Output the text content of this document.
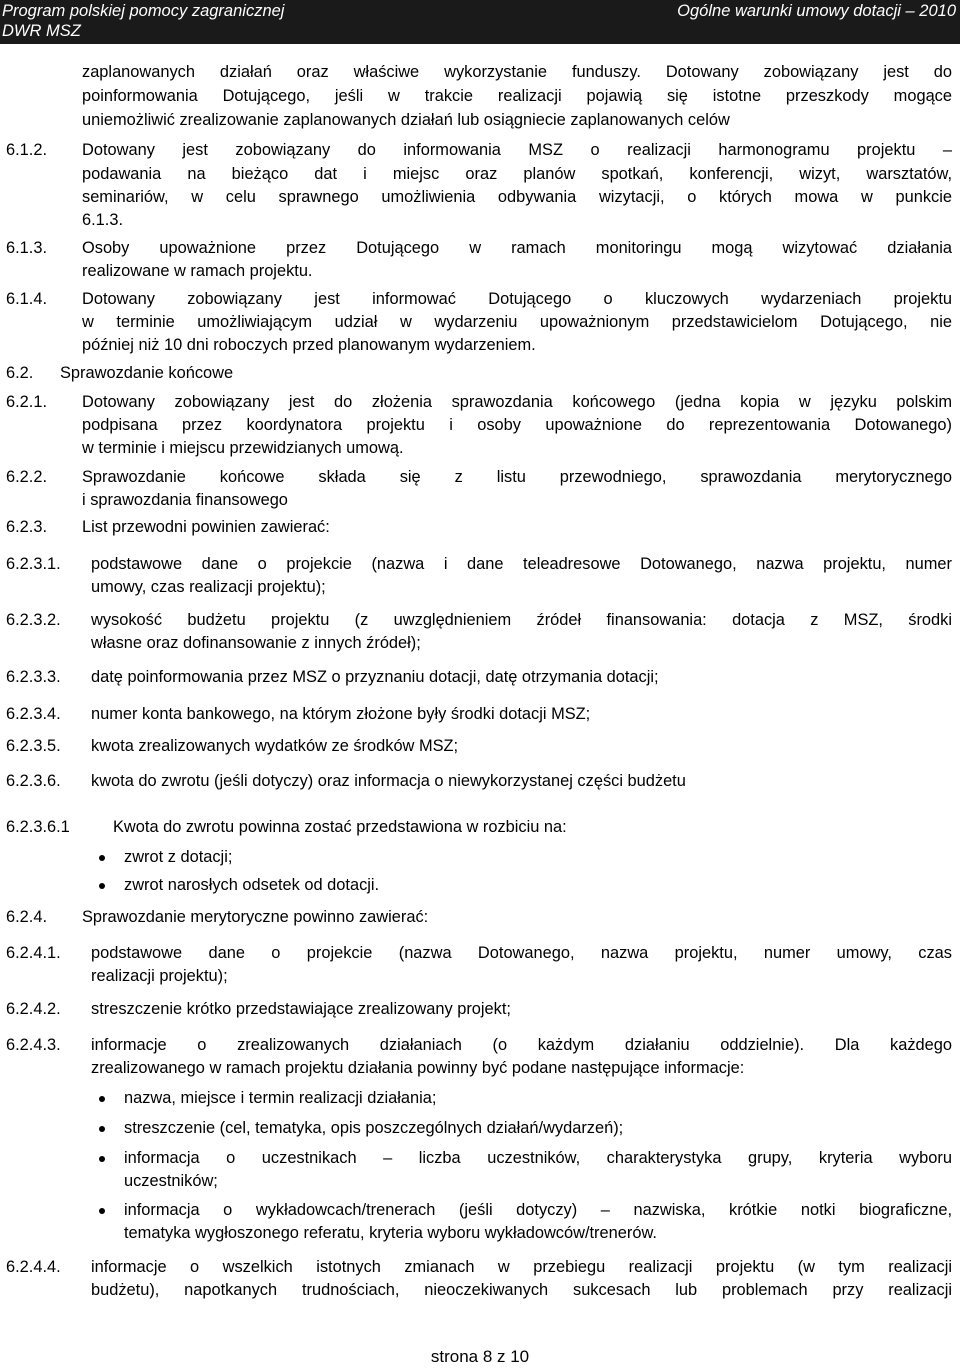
Program polskiej pomocy zagranicznej
DWR MSZ
Ogólne warunki umowy dotacji – 2010
zaplanowanych działań oraz właściwe wykorzystanie funduszy. Dotowany zobowiązany jest do
poinformowania Dotującego, jeśli w trakcie realizacji pojawią się istotne przeszkody mogące
uniemożliwić zrealizowanie zaplanowanych działań lub osiągniecie zaplanowanych celów
6.1.2. Dotowany jest zobowiązany do informowania MSZ o realizacji harmonogramu projektu –
podawania na bieżąco dat i miejsc oraz planów spotkań, konferencji, wizyt, warsztatów,
seminariów, w celu sprawnego umożliwienia odbywania wizytacji, o których mowa w punkcie
6.1.3.
6.1.3. Osoby upoważnione przez Dotującego w ramach monitoringu mogą wizytować działania
realizowane w ramach projektu.
6.1.4. Dotowany zobowiązany jest informować Dotującego o kluczowych wydarzeniach projektu
w terminie umożliwiającym udział w wydarzeniu upoważnionym przedstawicielom Dotującego, nie
później niż 10 dni roboczych przed planowanym wydarzeniem.
6.2. Sprawozdanie końcowe
6.2.1. Dotowany zobowiązany jest do złożenia sprawozdania końcowego (jedna kopia w języku polskim
podpisana przez koordynatora projektu i osoby upoważnione do reprezentowania Dotowanego)
w terminie i miejscu przewidzianych umową.
6.2.2. Sprawozdanie końcowe składa się z listu przewodniego, sprawozdania merytorycznego
i sprawozdania finansowego
6.2.3. List przewodni powinien zawierać:
6.2.3.1. podstawowe dane o projekcie (nazwa i dane teleadresowe Dotowanego, nazwa projektu, numer
umowy, czas realizacji projektu);
6.2.3.2. wysokość budżetu projektu (z uwzględnieniem źródeł finansowania: dotacja z MSZ, środki
własne oraz dofinansowanie z innych źródeł);
6.2.3.3. datę poinformowania przez MSZ o przyznaniu dotacji, datę otrzymania dotacji;
6.2.3.4. numer konta bankowego, na którym złożone były środki dotacji MSZ;
6.2.3.5. kwota zrealizowanych wydatków ze środków MSZ;
6.2.3.6. kwota do zwrotu (jeśli dotyczy) oraz informacja o niewykorzystanej części budżetu
6.2.3.6.1	Kwota do zwrotu powinna zostać przedstawiona w rozbiciu na:
zwrot z dotacji;
zwrot narosłych odsetek od dotacji.
6.2.4. Sprawozdanie merytoryczne powinno zawierać:
6.2.4.1. podstawowe dane o projekcie (nazwa Dotowanego, nazwa projektu, numer umowy, czas
realizacji projektu);
6.2.4.2. streszczenie krótko przedstawiające zrealizowany projekt;
6.2.4.3. informacje o zrealizowanych działaniach (o każdym działaniu oddzielnie). Dla każdego
zrealizowanego w ramach projektu działania powinny być podane następujące informacje:
nazwa, miejsce i termin realizacji działania;
streszczenie (cel, tematyka, opis poszczególnych działań/wydarzeń);
informacja o uczestnikach – liczba uczestników, charakterystyka grupy, kryteria wyboru
uczestników;
informacja o wykładowcach/trenerach (jeśli dotyczy) – nazwiska, krótkie notki biograficzne,
tematyka wygłoszonego referatu, kryteria wyboru wykładowców/trenerów.
6.2.4.4. informacje o wszelkich istotnych zmianach w przebiegu realizacji projektu (w tym realizacji
budżetu), napotkanych trudnościach, nieoczekiwanych sukcesach lub problemach przy realizacji
strona 8 z 10
